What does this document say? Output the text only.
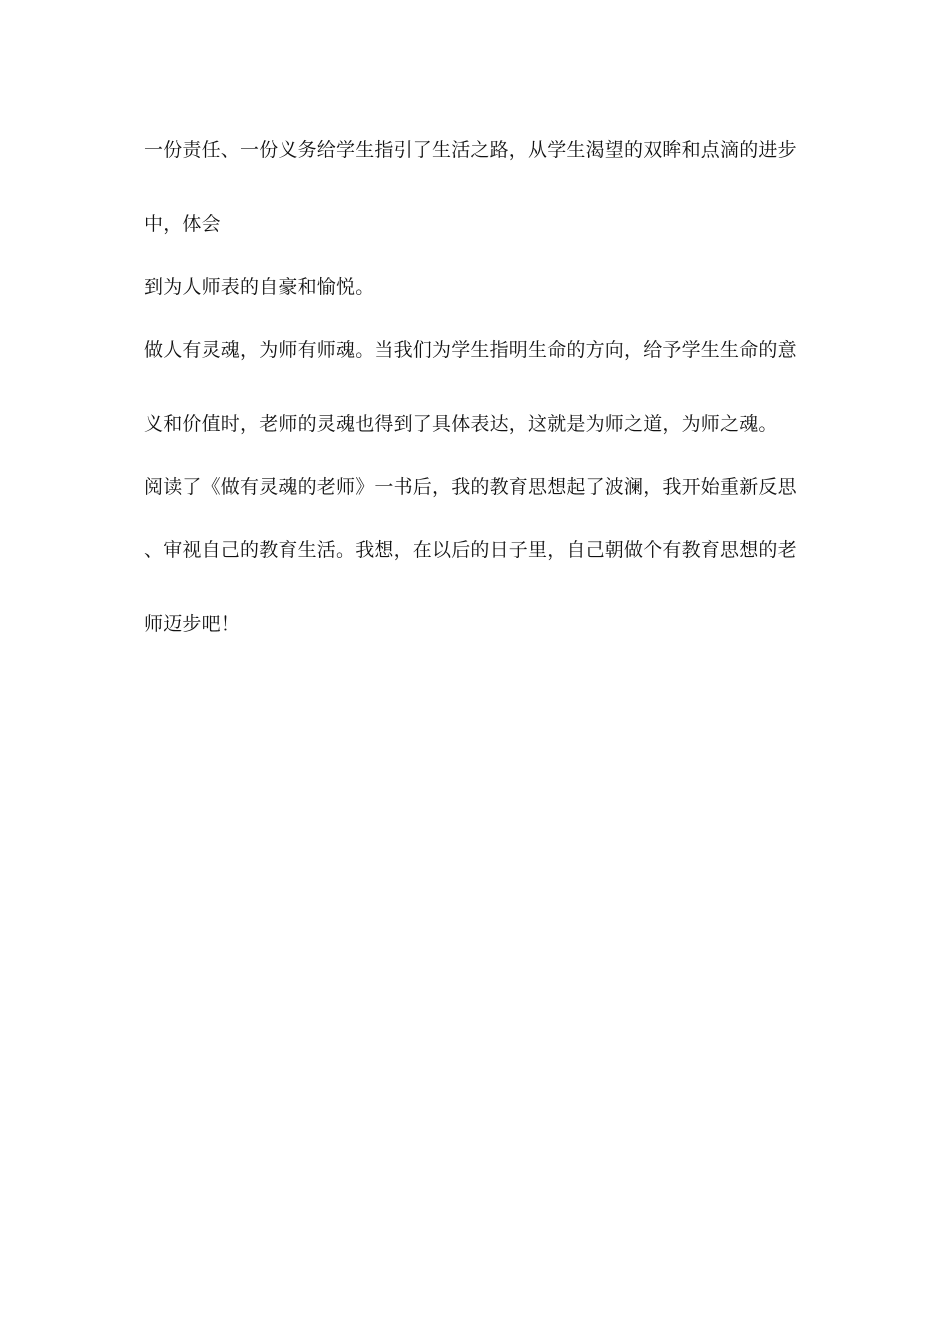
一份责任、一份义务给学生指引了生活之路，从学生渴望的双眸和点滴的进步
中，体会
到为人师表的自豪和愉悦。
做人有灵魂，为师有师魂。当我们为学生指明生命的方向，给予学生生命的意
义和价值时，老师的灵魂也得到了具体表达，这就是为师之道，为师之魂。
阅读了《做有灵魂的老师》一书后，我的教育思想起了波澜，我开始重新反思
、审视自己的教育生活。我想，在以后的日子里，自己朝做个有教育思想的老
师迈步吧！
